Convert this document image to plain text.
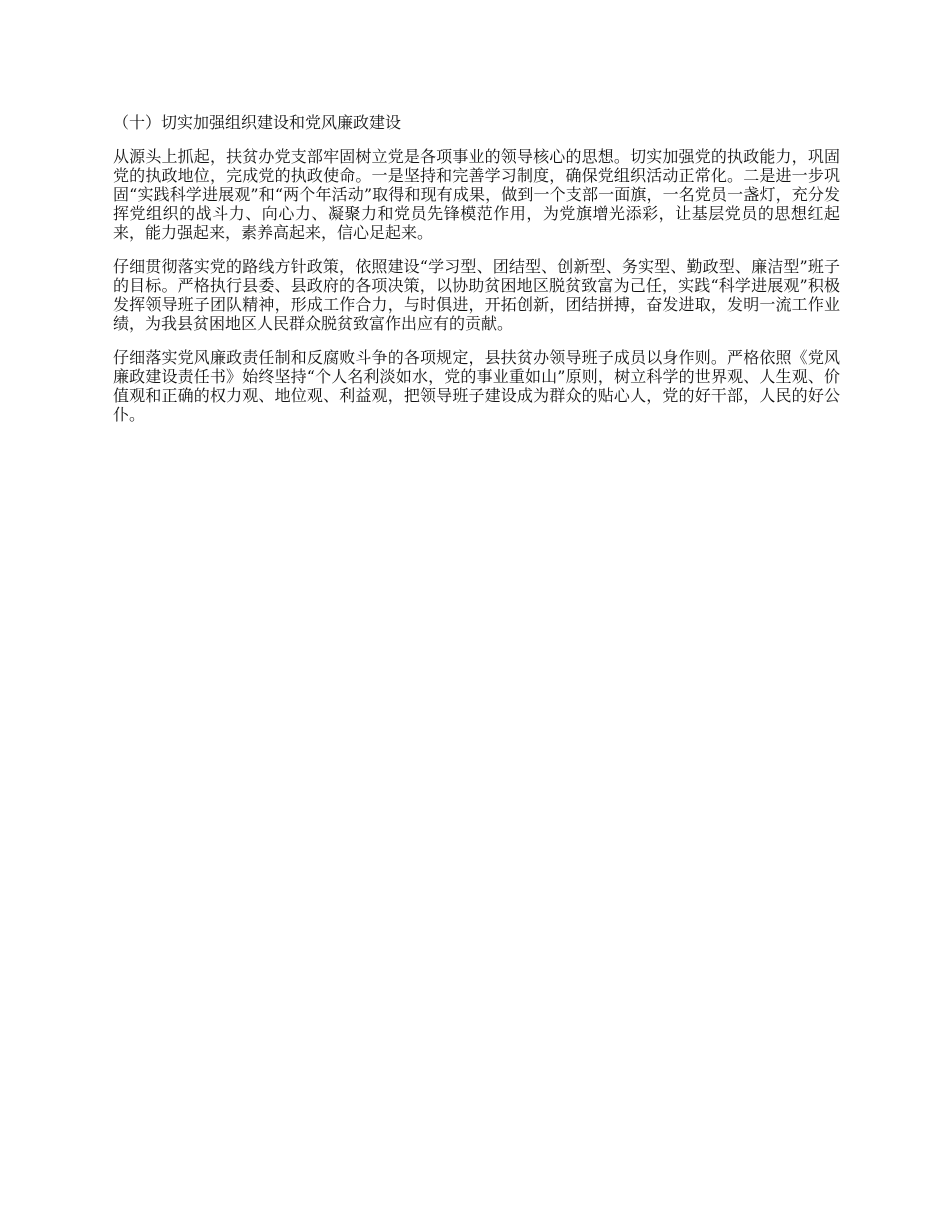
（十）切实加强组织建设和党风廉政建设

从源头上抓起，扶贫办党支部牢固树立党是各项事业的领导核心的思想。切实加强党的执政能力，巩固党的执政地位，完成党的执政使命。一是坚持和完善学习制度，确保党组织活动正常化。二是进一步巩固“实践科学进展观”和“两个年活动”取得和现有成果，做到一个支部一面旗，一名党员一盏灯，充分发挥党组织的战斗力、向心力、凝聚力和党员先锋模范作用，为党旗增光添彩，让基层党员的思想红起来，能力强起来，素养高起来，信心足起来。

仔细贯彻落实党的路线方针政策，依照建设“学习型、团结型、创新型、务实型、勤政型、廉洁型”班子的目标。严格执行县委、县政府的各项决策，以协助贫困地区脱贫致富为己任，实践“科学进展观”积极发挥领导班子团队精神，形成工作合力，与时俱进，开拓创新，团结拼搏，奋发进取，发明一流工作业绩，为我县贫困地区人民群众脱贫致富作出应有的贡献。

仔细落实党风廉政责任制和反腐败斗争的各项规定，县扶贫办领导班子成员以身作则。严格依照《党风廉政建设责任书》始终坚持“个人名利淡如水，党的事业重如山”原则，树立科学的世界观、人生观、价值观和正确的权力观、地位观、利益观，把领导班子建设成为群众的贴心人，党的好干部，人民的好公仆。
